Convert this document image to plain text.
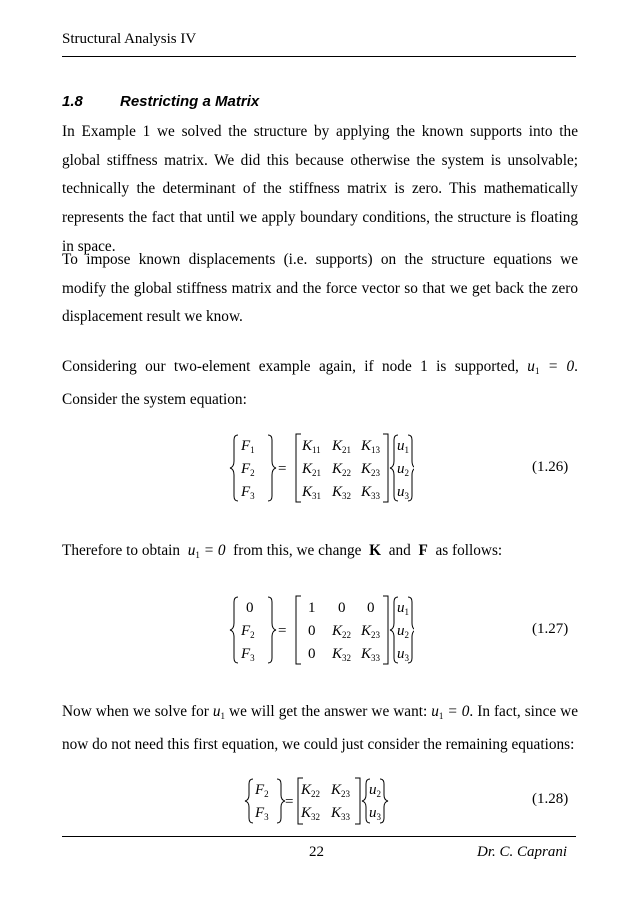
Structural Analysis IV
1.8 Restricting a Matrix

In Example 1 we solved the structure by applying the known supports into the global stiffness matrix. We did this because otherwise the system is unsolvable; technically the determinant of the stiffness matrix is zero. This mathematically represents the fact that until we apply boundary conditions, the structure is floating in space.

To impose known displacements (i.e. supports) on the structure equations we modify the global stiffness matrix and the force vector so that we get back the zero displacement result we know.

Considering our two-element example again, if node 1 is supported, $u_1 = 0$. Consider the system equation:

=
$F_1$
$F_2$
$F_3$
$K_{11}$ $K_{21}$ $K_{13}$
$K_{21}$ $K_{22}$ $K_{23}$
$K_{31}$ $K_{32}$ $K_{33}$
$u_1$
$u_2$
$u_3$
(1.26)

Therefore to obtain $u_1 = 0$ from this, we change K and F as follows:

=
0	1 0 0
0
0
$F_2$
$F_3$
$K_{22}$ $K_{23}$
$K_{32}$ $K_{33}$
$u_1$
$u_2$
$u_3$
(1.27)

Now when we solve for $u_1$ we will get the answer we want: $u_1 = 0$. In fact, since we now do not need this first equation, we could just consider the remaining equations:

=
$F_2$
$F_3$
$K_{22}$ $K_{23}$
$K_{32}$ $K_{33}$
$u_2$
$u_3$
(1.28)
22	Dr. C. Caprani
